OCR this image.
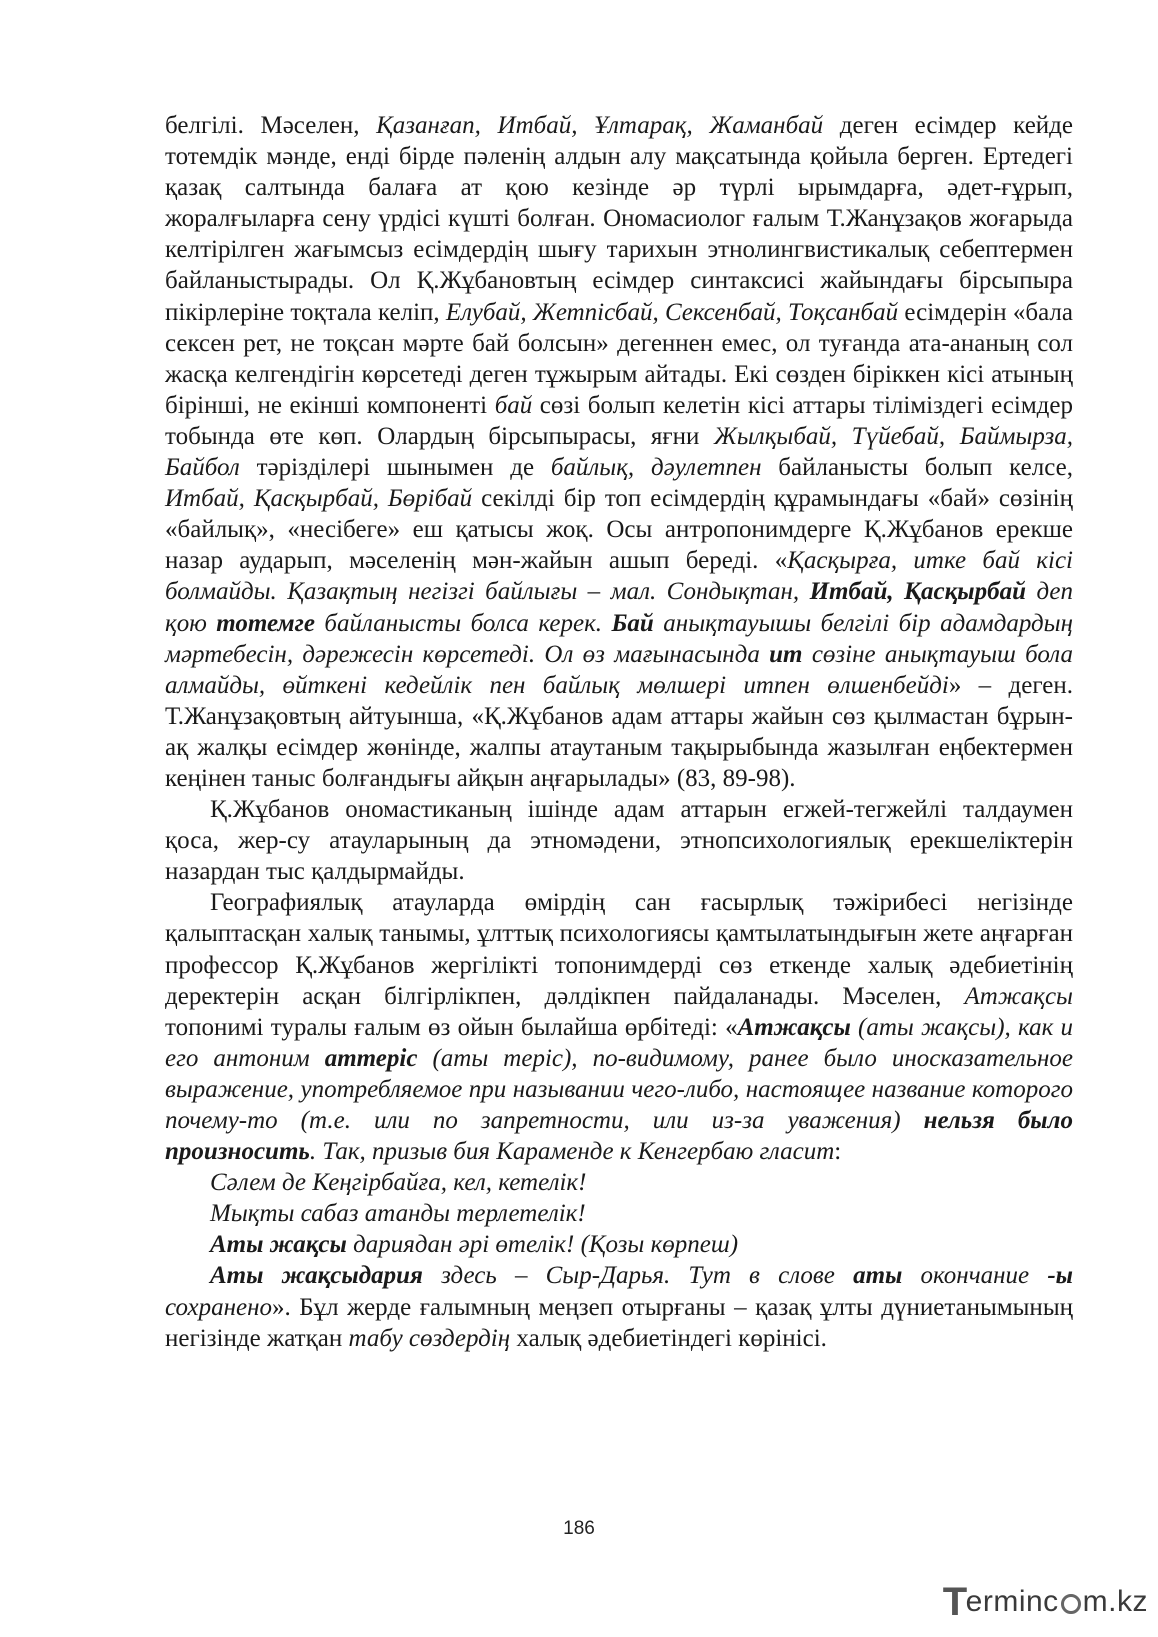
белгілі. Мәселен, Қазанғап, Итбай, Ұлтарақ, Жаманбай деген есімдер кейде тотемдік мәнде, енді бірде пәленің алдын алу мақсатында қойыла берген. Ертедегі қазақ салтында балаға ат қою кезінде әр түрлі ырымдарға, әдет-ғұрып, жоралғыларға сену үрдісі күшті болған. Ономасиолог ғалым Т.Жанұзақов жоғарыда келтірілген жағымсыз есімдердің шығу тарихын этнолингвистикалық себептермен байланыстырады. Ол Қ.Жұбановтың есімдер синтаксисі жайындағы бірсыпыра пікірлеріне тоқтала келіп, Елубай, Жетпісбай, Сексенбай, Тоқсанбай есімдерін «бала сексен рет, не тоқсан мәрте бай болсын» дегеннен емес, ол туғанда ата-ананың сол жасқа келгендігін көрсетеді деген тұжырым айтады. Екі сөзден біріккен кісі атының бірінші, не екінші компоненті бай сөзі болып келетін кісі аттары тіліміздегі есімдер тобында өте көп. Олардың бірсыпырасы, яғни Жылқыбай, Түйебай, Баймырза, Байбол тәрізділері шынымен де байлық, дәулетпен байланысты болып келсе, Итбай, Қасқырбай, Бөрібай секілді бір топ есімдердің құрамындағы «бай» сөзінің «байлық», «несібеге» еш қатысы жоқ. Осы антропонимдерге Қ.Жұбанов ерекше назар аударып, мәселенің мән-жайын ашып береді. «Қасқырға, итке бай кісі болмайды. Қазақтың негізгі байлығы – мал. Сондықтан, Итбай, Қасқырбай деп қою тотемге байланысты болса керек. Бай анықтауышы белгілі бір адамдардың мәртебесін, дәрежесін көрсетеді. Ол өз мағынасында ит сөзіне анықтауыш бола алмайды, өйткені кедейлік пен байлық мөлшері итпен өлшенбейді» – деген. Т.Жанұзақовтың айтуынша, «Қ.Жұбанов адам аттары жайын сөз қылмастан бұрын-ақ жалқы есімдер жөнінде, жалпы атаутаным тақырыбында жазылған еңбектермен кеңінен таныс болғандығы айқын аңғарылады» (83, 89-98).

Қ.Жұбанов ономастиканың ішінде адам аттарын егжей-тегжейлі талдаумен қоса, жер-су атауларының да этномәдени, этнопсихологиялық ерекшеліктерін назардан тыс қалдырмайды.

Географиялық атауларда өмірдің сан ғасырлық тәжірибесі негізінде қалыптасқан халық танымы, ұлттық психологиясы қамтылатындығын жете аңғарған профессор Қ.Жұбанов жергілікті топонимдерді сөз еткенде халық әдебиетінің деректерін асқан білгірлікпен, дәлдікпен пайдаланады. Мәселен, Атжақсы топонимі туралы ғалым өз ойын былайша өрбітеді: «Атжақсы (аты жақсы), как и его антоним аттеріс (аты теріс), по-видимому, ранее было иносказательное выражение, употребляемое при назывании чего-либо, настоящее название которого почему-то (т.е. или по запретности, или из-за уважения) нельзя было произносить. Так, призыв бия Карамендe к Кенгербаю гласит:

Сәлем де Кеңгірбайға, кел, кетелік!

Мықты сабаз атанды терлетелік!

Аты жақсы дариядан әрі өтелік! (Қозы көрпеш)

Аты жақсыдария здесь – Сыр-Дарья. Тут в слове аты окончание -ы сохранено». Бұл жерде ғалымның меңзеп отырғаны – қазақ ұлты дүниетанымының негізінде жатқан табу сөздердің халық әдебиетіндегі көрінісі.

186
T
erminc m.kz
